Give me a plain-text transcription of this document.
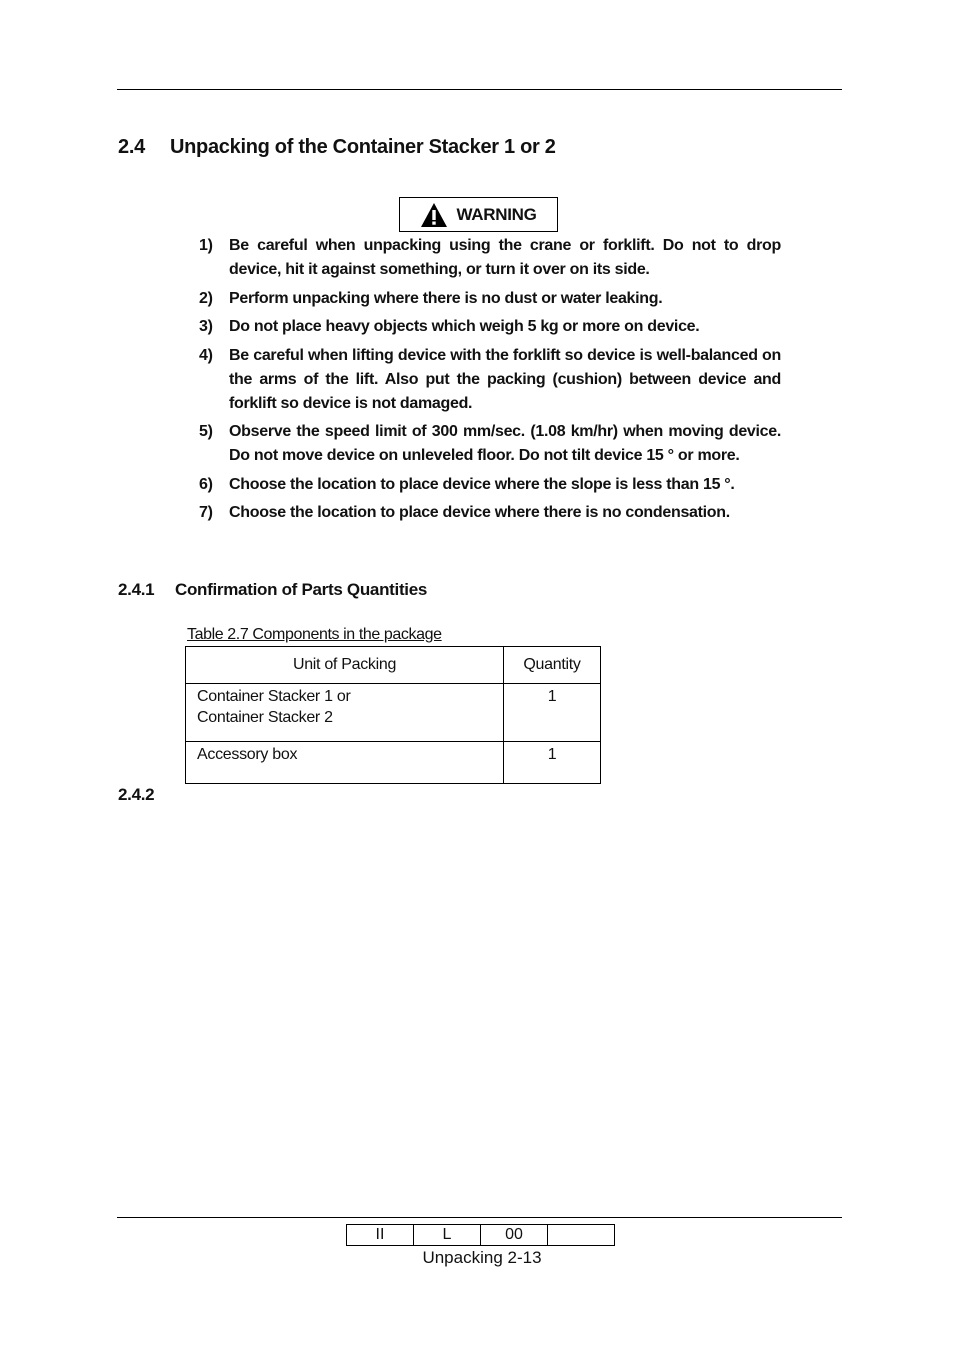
2.4 Unpacking of the Container Stacker 1 or 2
WARNING
1)	Be careful when unpacking using the crane or forklift. Do not to drop device, hit it against something, or turn it over on its side.
2)	Perform unpacking where there is no dust or water leaking.
3)	Do not place heavy objects which weigh 5 kg or more on device.
4)	Be careful when lifting device with the forklift so device is well-balanced on the arms of the lift. Also put the packing (cushion) between device and forklift so device is not damaged.
5)	Observe the speed limit of 300 mm/sec. (1.08 km/hr) when moving device. Do not move device on unleveled floor. Do not tilt device 15 ° or more.
6)	Choose the location to place device where the slope is less than 15 °.
7)	Choose the location to place device where there is no condensation.
2.4.1 Confirmation of Parts Quantities
Table 2.7 Components in the package
Unit of Packing	Quantity

Container Stacker 1 or
Container Stacker 2	1

Accessory box	1
2.4.2
II	L	00	
Unpacking 2-13
